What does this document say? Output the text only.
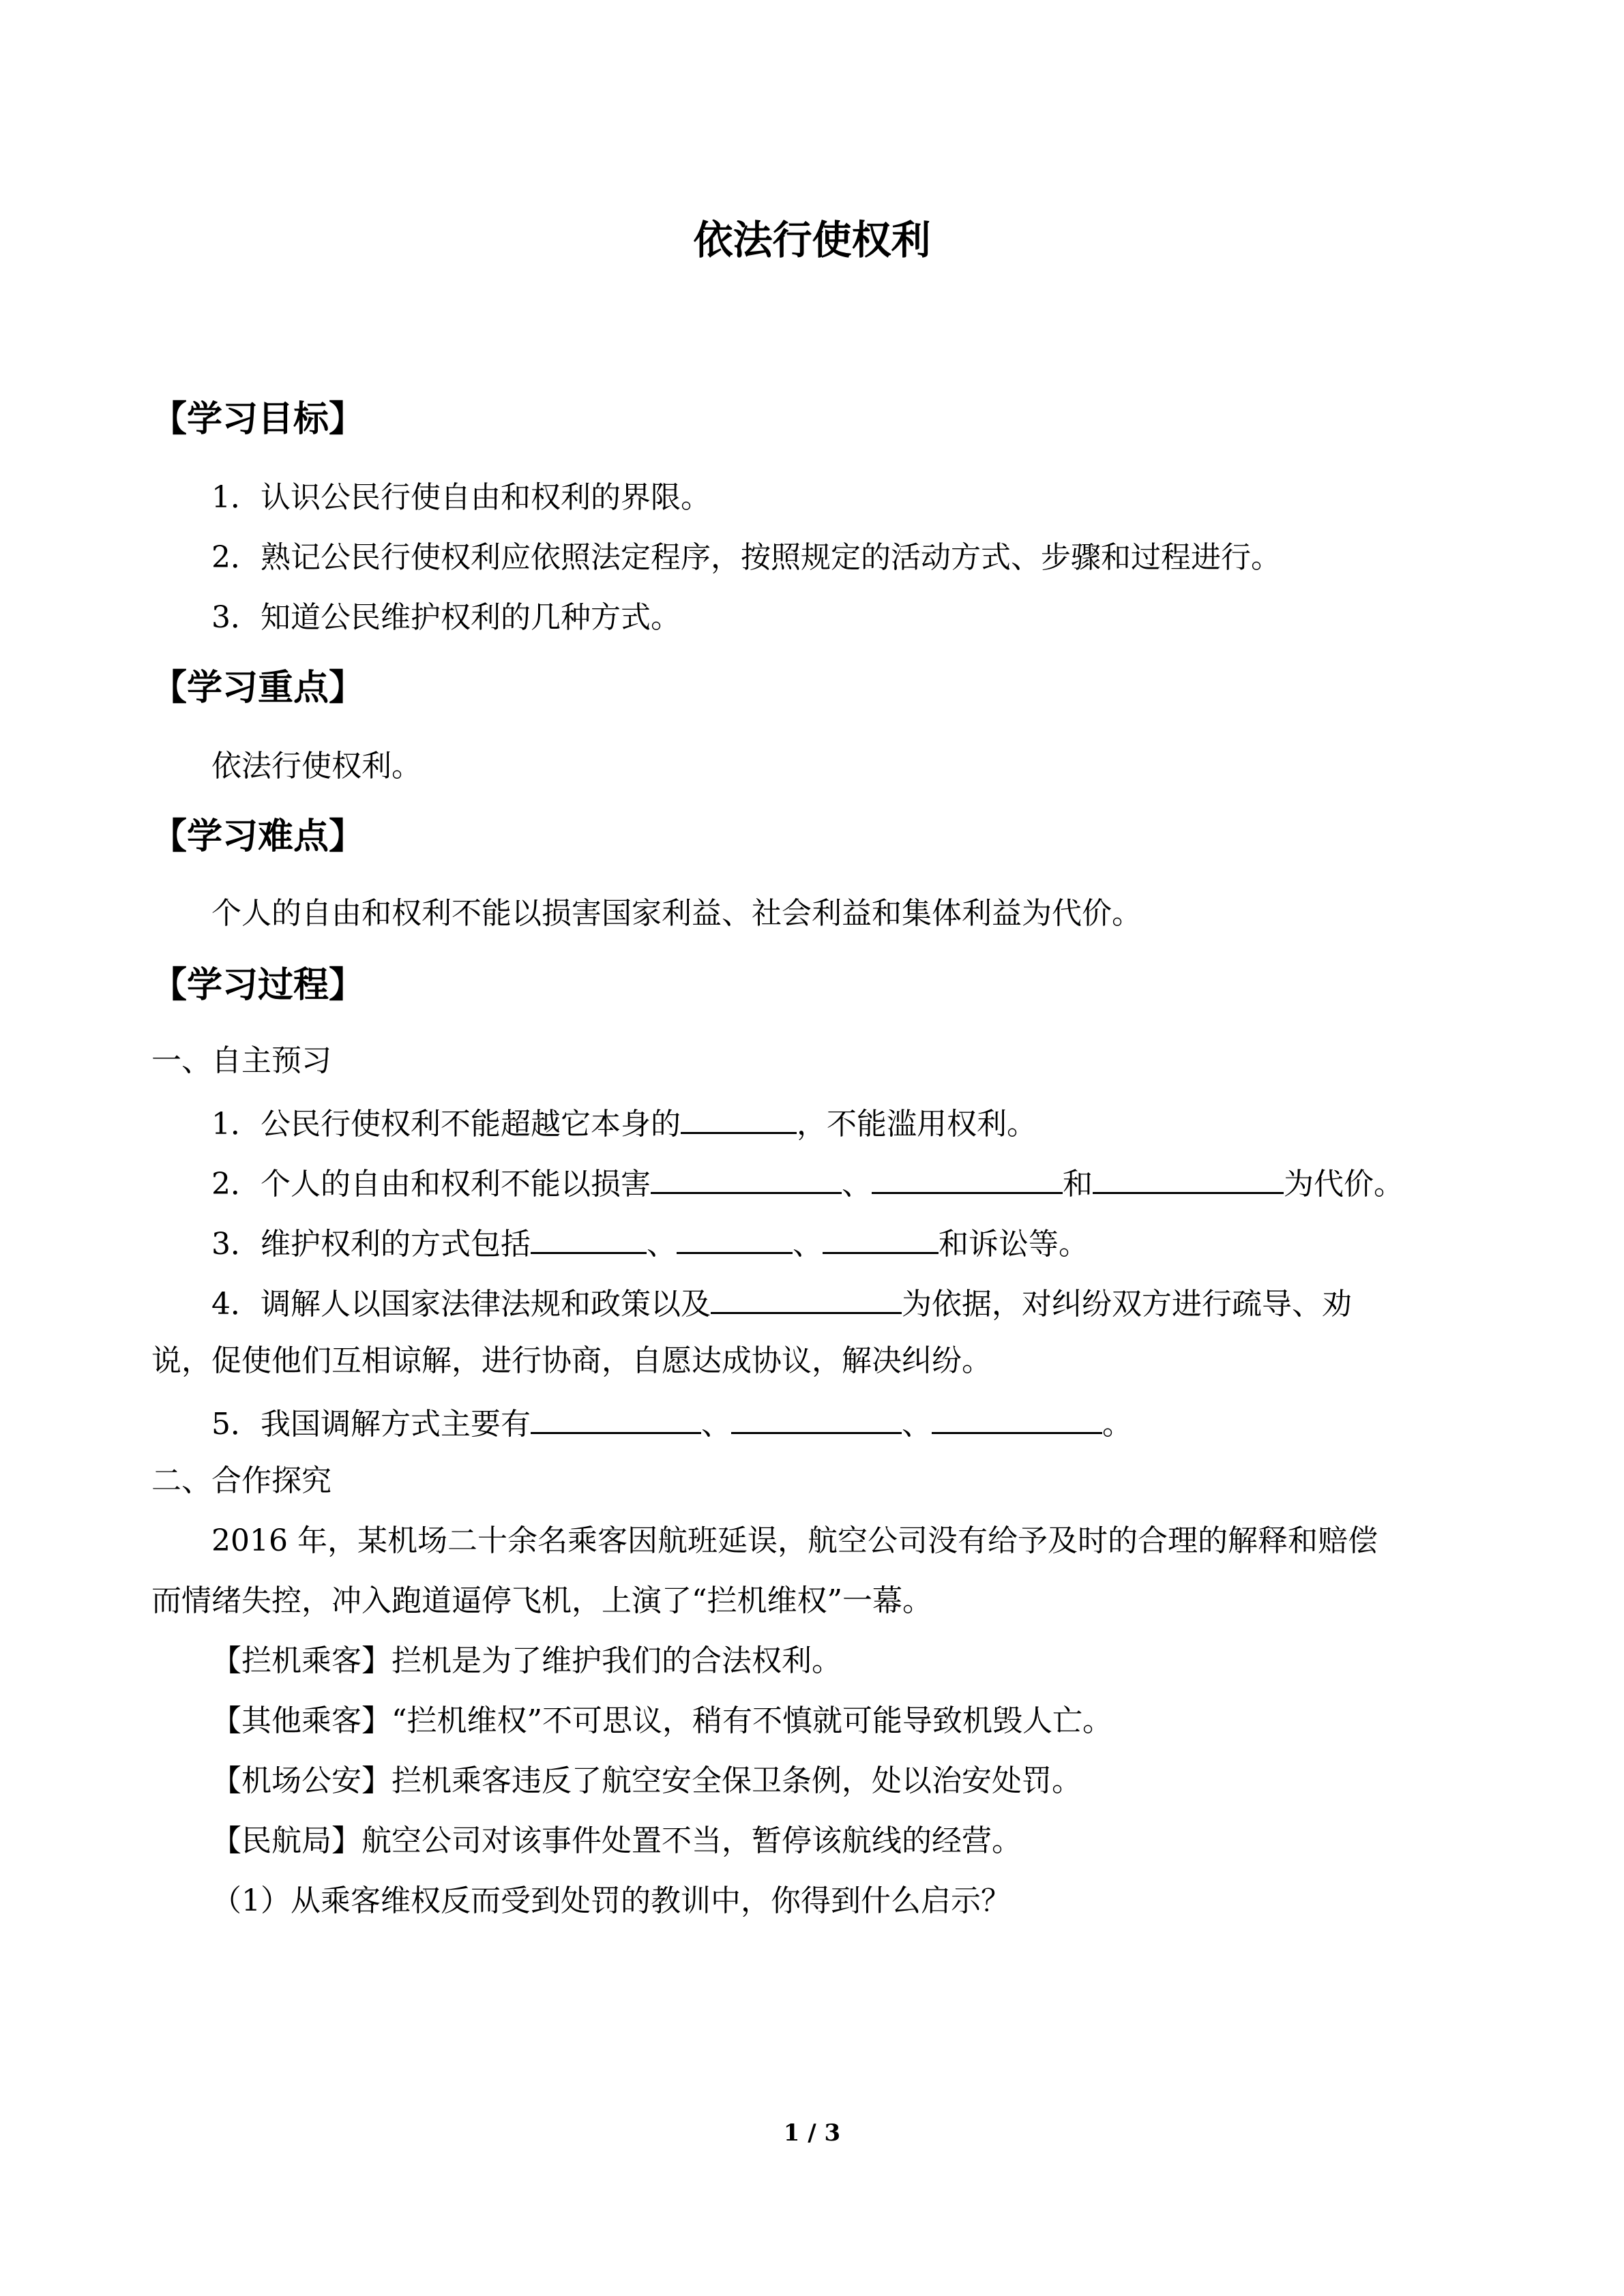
依法行使权利
【学习目标】
1．认识公民行使自由和权利的界限。
2．熟记公民行使权利应依照法定程序，按照规定的活动方式、步骤和过程进行。
3．知道公民维护权利的几种方式。
【学习重点】
依法行使权利。
【学习难点】
个人的自由和权利不能以损害国家利益、社会利益和集体利益为代价。
【学习过程】
一、自主预习
1．公民行使权利不能超越它本身的	，不能滥用权利。
2．个人的自由和权利不能以损害	、	和	为代价。
3．维护权利的方式包括	、	、	和诉讼等。
4．调解人以国家法律法规和政策以及	为依据，对纠纷双方进行疏导、劝
说，促使他们互相谅解，进行协商，自愿达成协议，解决纠纷。
5．我国调解方式主要有	、	、	。
二、合作探究
2016 年，某机场二十余名乘客因航班延误，航空公司没有给予及时的合理的解释和赔偿
而情绪失控，冲入跑道逼停飞机，上演了“拦机维权”一幕。
【拦机乘客】拦机是为了维护我们的合法权利。
【其他乘客】“拦机维权”不可思议，稍有不慎就可能导致机毁人亡。
【机场公安】拦机乘客违反了航空安全保卫条例，处以治安处罚。
【民航局】航空公司对该事件处置不当，暂停该航线的经营。
（1）从乘客维权反而受到处罚的教训中，你得到什么启示？
1 / 3
